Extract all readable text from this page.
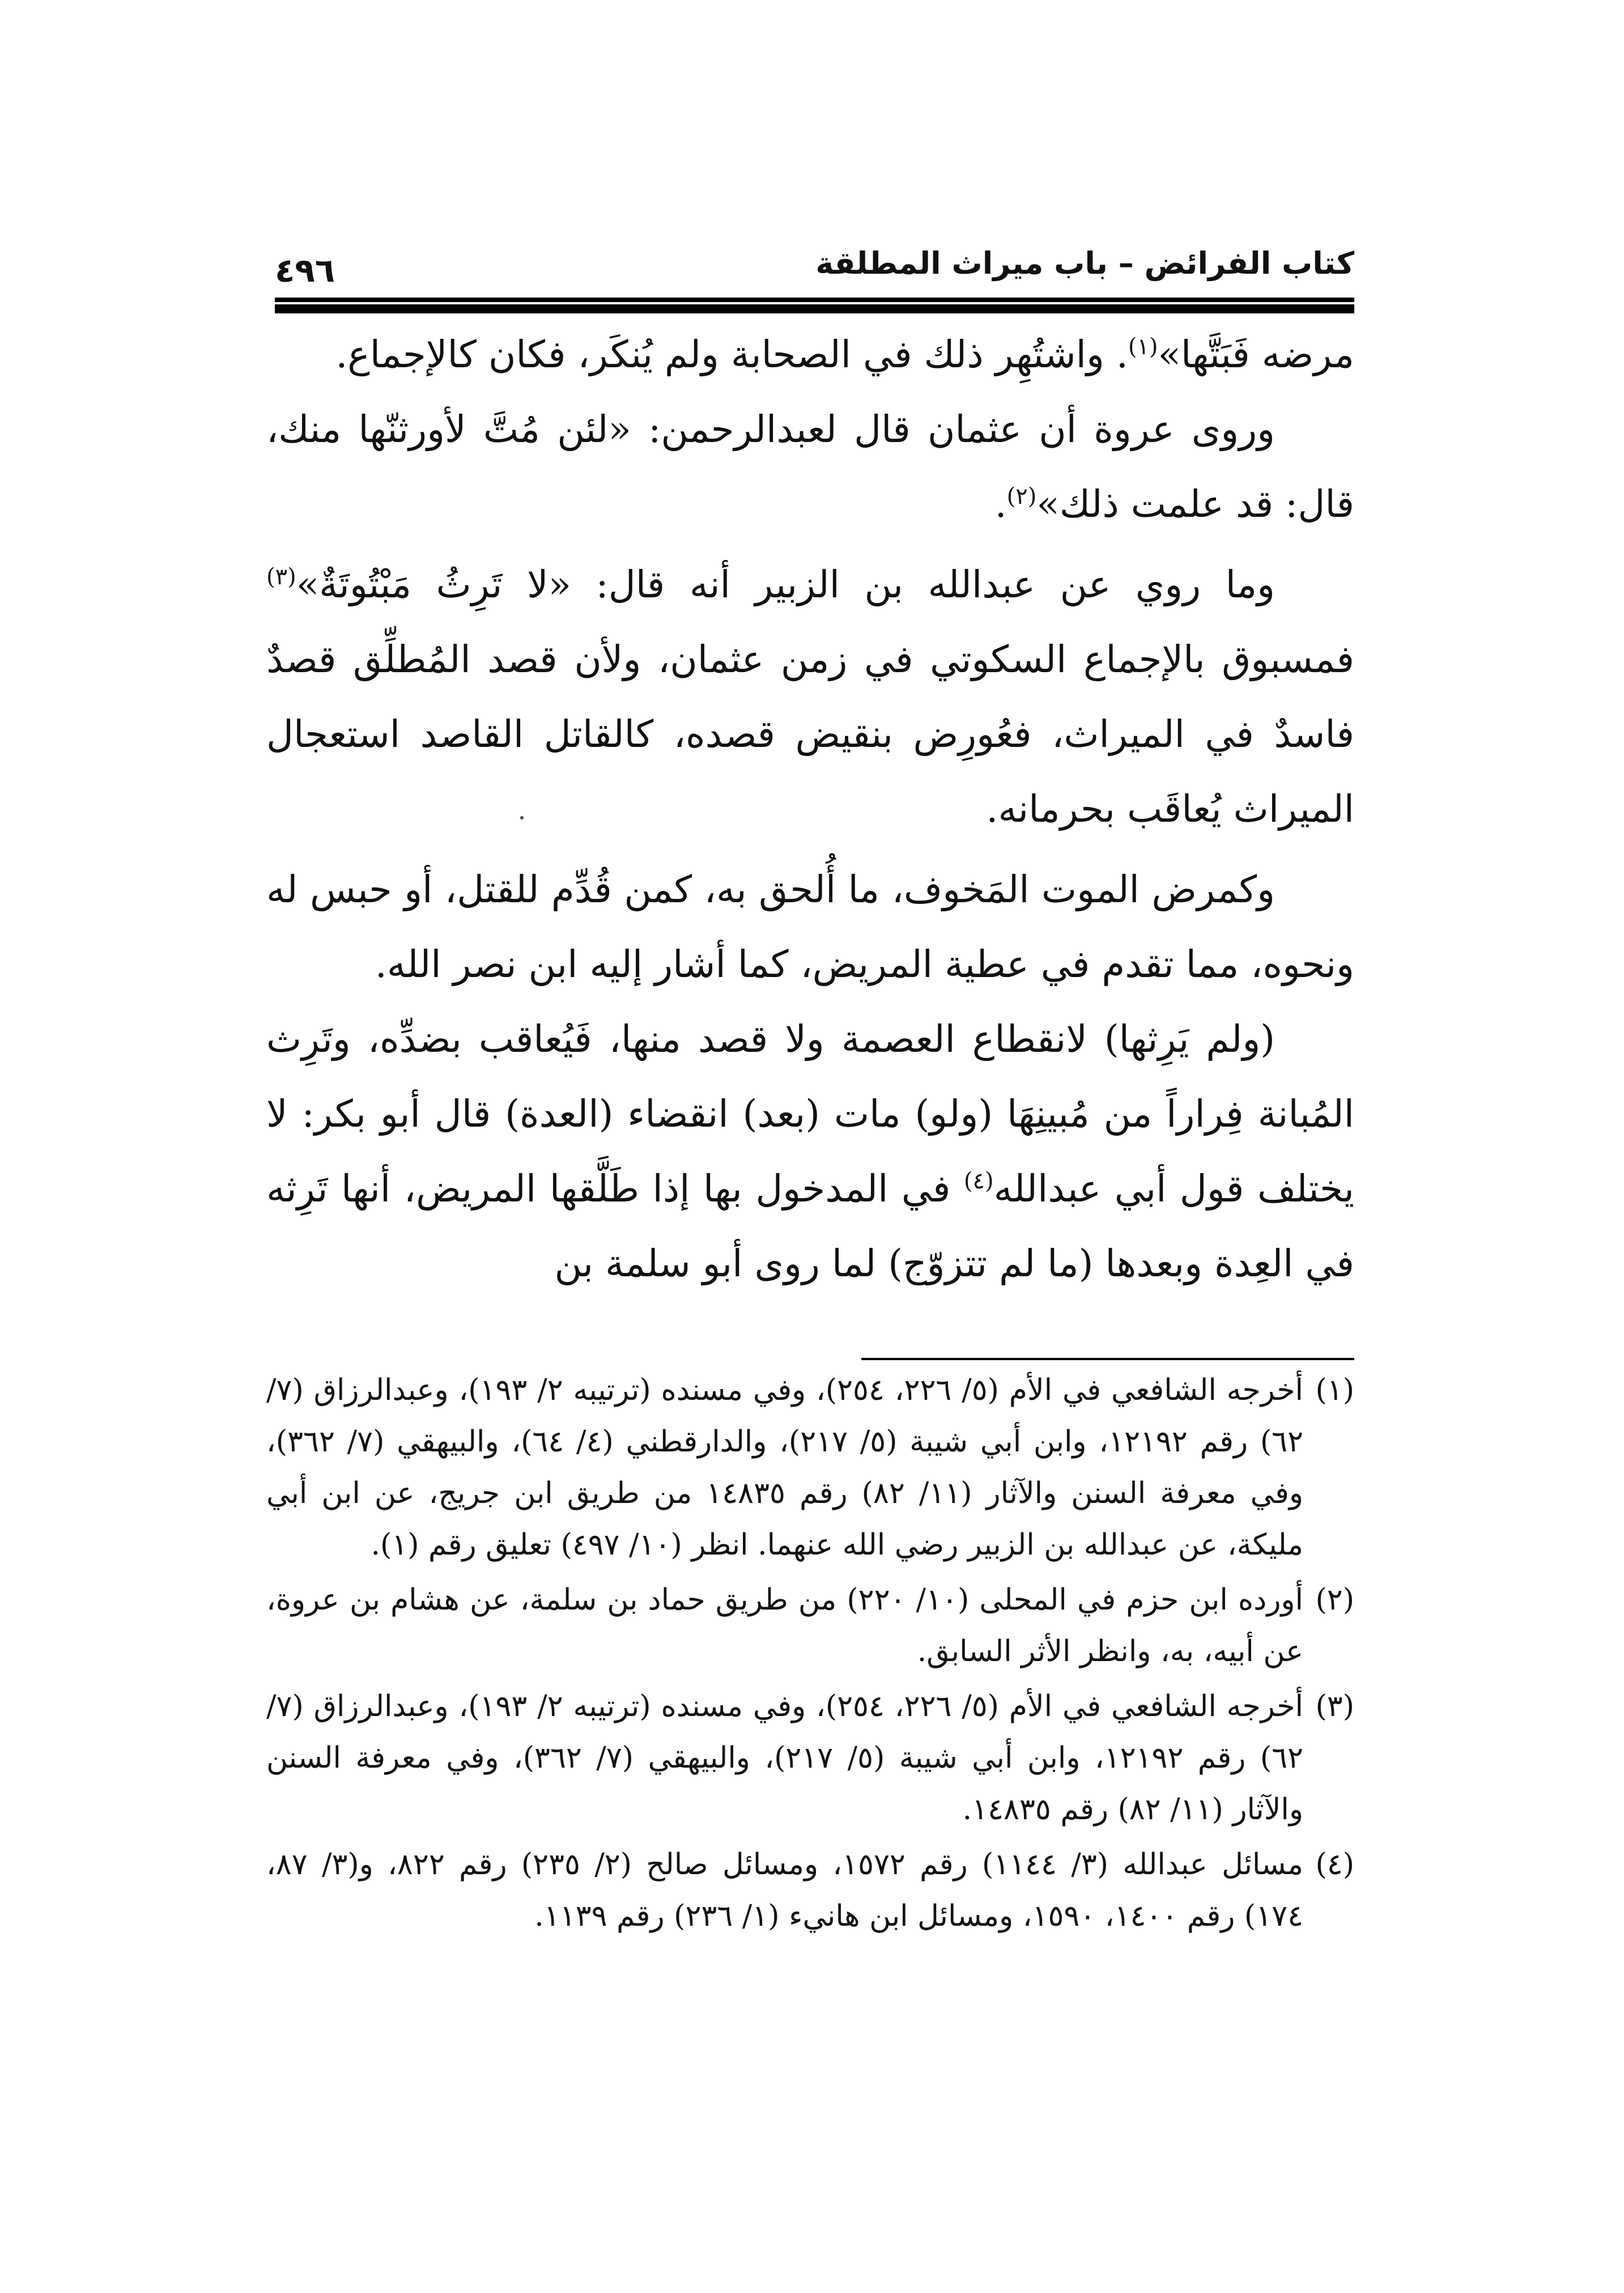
كتاب الفرائض – باب ميراث المطلقة
٤٩٦

مرضه فَبَتَّها»$^{(١)}$. واشتُهِر ذلك في الصحابة ولم يُنكَر، فكان كالإجماع.

وروى عروة أن عثمان قال لعبدالرحمن: «لئن مُتَّ لأورثنّها منك، قال: قد علمت ذلك»$^{(٢)}$.

وما روي عن عبدالله بن الزبير أنه قال: «لا تَرِثُ مَبْتُوتَةٌ»$^{(٣)}$ فمسبوق بالإجماع السكوتي في زمن عثمان، ولأن قصد المُطلِّق قصدٌ فاسدٌ في الميراث، فعُورِض بنقيض قصده، كالقاتل القاصد استعجال الميراث يُعاقَب بحرمانه.

وكمرض الموت المَخوف، ما أُلحق به، كمن قُدِّم للقتل، أو حبس له ونحوه، مما تقدم في عطية المريض، كما أشار إليه ابن نصر الله.

(ولم يَرِثها) لانقطاع العصمة ولا قصد منها، فَيُعاقب بضدِّه، وتَرِث المُبانة فِراراً من مُبينِهَا (ولو) مات (بعد) انقضاء (العدة) قال أبو بكر: لا يختلف قول أبي عبدالله$^{(٤)}$ في المدخول بها إذا طَلَّقها المريض، أنها تَرِثه في العِدة وبعدها (ما لم تتزوّج) لما روى أبو سلمة بن

(١)
أخرجه الشافعي في الأم (٥/ ٢٢٦، ٢٥٤)، وفي مسنده (ترتيبه ٢/ ١٩٣)، وعبدالرزاق (٧/ ٦٢) رقم ١٢١٩٢، وابن أبي شيبة (٥/ ٢١٧)، والدارقطني (٤/ ٦٤)، والبيهقي (٧/ ٣٦٢)، وفي معرفة السنن والآثار (١١/ ٨٢) رقم ١٤٨٣٥ من طريق ابن جريج، عن ابن أبي مليكة، عن عبدالله بن الزبير رضي الله عنهما. انظر (١٠/ ٤٩٧) تعليق رقم (١).
(٢)
أورده ابن حزم في المحلى (١٠/ ٢٢٠) من طريق حماد بن سلمة، عن هشام بن عروة، عن أبيه، به، وانظر الأثر السابق.
(٣)
أخرجه الشافعي في الأم (٥/ ٢٢٦، ٢٥٤)، وفي مسنده (ترتيبه ٢/ ١٩٣)، وعبدالرزاق (٧/ ٦٢) رقم ١٢١٩٢، وابن أبي شيبة (٥/ ٢١٧)، والبيهقي (٧/ ٣٦٢)، وفي معرفة السنن والآثار (١١/ ٨٢) رقم ١٤٨٣٥.
(٤)
مسائل عبدالله (٣/ ١١٤٤) رقم ١٥٧٢، ومسائل صالح (٢/ ٢٣٥) رقم ٨٢٢، و(٣/ ٨٧، ١٧٤) رقم ١٤٠٠، ١٥٩٠، ومسائل ابن هانيء (١/ ٢٣٦) رقم ١١٣٩.
